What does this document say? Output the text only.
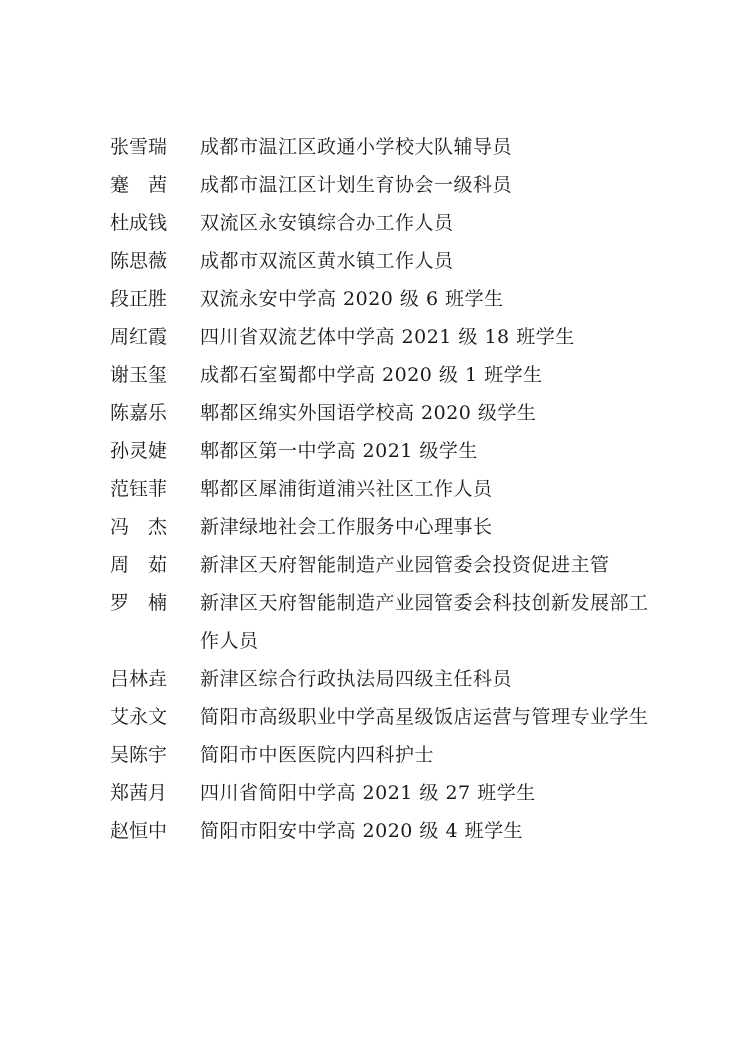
张雪瑞	成都市温江区政通小学校大队辅导员
蹇茜 成都市温江区计划生育协会一级科员
杜成钱	双流区永安镇综合办工作人员
陈思薇	成都市双流区黄水镇工作人员
段正胜	双流永安中学高 2020 级 6 班学生
周红霞	四川省双流艺体中学高 2021 级 18 班学生
谢玉玺	成都石室蜀都中学高 2020 级 1 班学生
陈嘉乐	郫都区绵实外国语学校高 2020 级学生
孙灵婕	郫都区第一中学高 2021 级学生
范钰菲	郫都区犀浦街道浦兴社区工作人员
冯杰 新津绿地社会工作服务中心理事长
周茹 新津区天府智能制造产业园管委会投资促进主管
罗楠 新津区天府智能制造产业园管委会科技创新发展部工作人员
吕林垚	新津区综合行政执法局四级主任科员
艾永文	简阳市高级职业中学高星级饭店运营与管理专业学生
吴陈宇	简阳市中医医院内四科护士
郑茜月	四川省简阳中学高 2021 级 27 班学生
赵恒中	简阳市阳安中学高 2020 级 4 班学生
